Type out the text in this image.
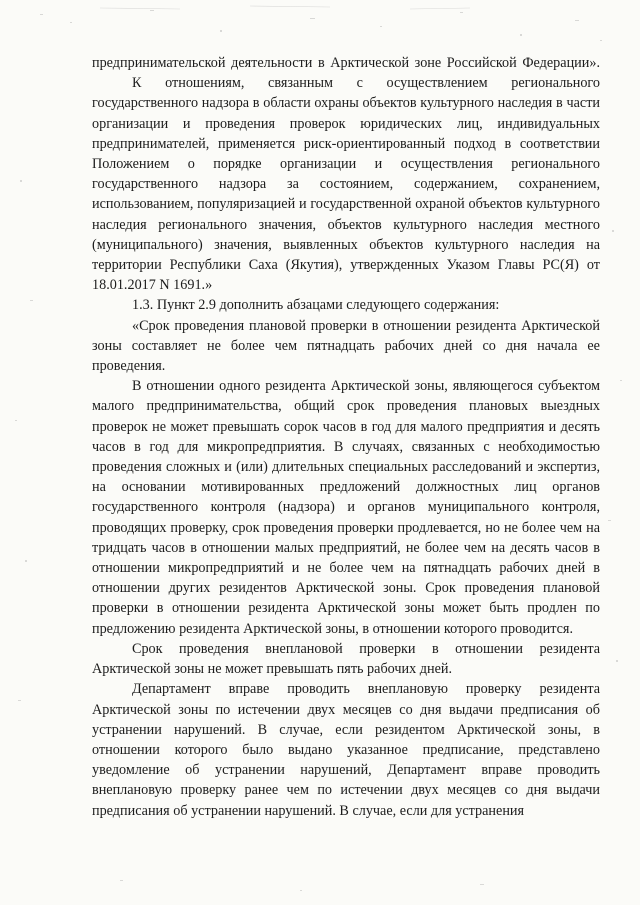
предпринимательской деятельности в Арктической зоне Российской Федерации».

К отношениям, связанным с осуществлением регионального государственного надзора в области охраны объектов культурного наследия в части организации и проведения проверок юридических лиц, индивидуальных предпринимателей, применяется риск-ориентированный подход в соответствии Положением о порядке организации и осуществления регионального государственного надзора за состоянием, содержанием, сохранением, использованием, популяризацией и государственной охраной объектов культурного наследия регионального значения, объектов культурного наследия местного (муниципального) значения, выявленных объектов культурного наследия на территории Республики Саха (Якутия), утвержденных Указом Главы РС(Я) от 18.01.2017 N 1691.»

1.3. Пункт 2.9 дополнить абзацами следующего содержания:

«Срок проведения плановой проверки в отношении резидента Арктической зоны составляет не более чем пятнадцать рабочих дней со дня начала ее проведения.

В отношении одного резидента Арктической зоны, являющегося субъектом малого предпринимательства, общий срок проведения плановых выездных проверок не может превышать сорок часов в год для малого предприятия и десять часов в год для микропредприятия. В случаях, связанных с необходимостью проведения сложных и (или) длительных специальных расследований и экспертиз, на основании мотивированных предложений должностных лиц органов государственного контроля (надзора) и органов муниципального контроля, проводящих проверку, срок проведения проверки продлевается, но не более чем на тридцать часов в отношении малых предприятий, не более чем на десять часов в отношении микропредприятий и не более чем на пятнадцать рабочих дней в отношении других резидентов Арктической зоны. Срок проведения плановой проверки в отношении резидента Арктической зоны может быть продлен по предложению резидента Арктической зоны, в отношении которого проводится.

Срок проведения внеплановой проверки в отношении резидента Арктической зоны не может превышать пять рабочих дней.

Департамент вправе проводить внеплановую проверку резидента Арктической зоны по истечении двух месяцев со дня выдачи предписания об устранении нарушений. В случае, если резидентом Арктической зоны, в отношении которого было выдано указанное предписание, представлено уведомление об устранении нарушений, Департамент вправе проводить внеплановую проверку ранее чем по истечении двух месяцев со дня выдачи предписания об устранении нарушений. В случае, если для устранения
